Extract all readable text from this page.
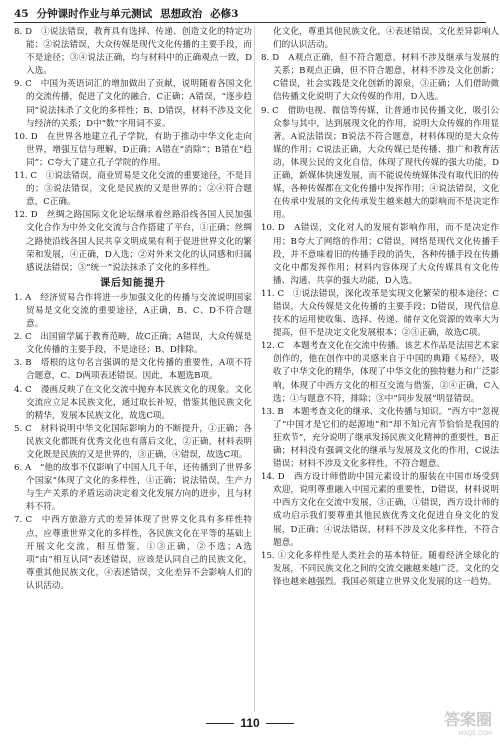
45 分钟课时作业与单元测试 思想政治 必修3

8. D　①说法错误，教育具有选择、传递、创造文化的特定功能；②说法错误，大众传媒是现代文化传播的主要手段，而不是途径；③④说法正确，均与材料中的正确观点一致，D入选。

9. C　中国为英语词汇的增加做出了贡献，说明随着各国文化的交流传播，促进了文化的融合，C正确；A错误，“逐步趋同”说法抹杀了文化的多样性；B、D错误，材料不涉及文化与经济的关系；D中“数”字用词不妥。

10. D　在世界各地建立孔子学院，有助于推动中华文化走向世界，增强互信与理解，D正确；A错在“消除”；B错在“趋同”；C夸大了建立孔子学院的作用。

11. C　①说法错误，商业贸易是文化交流的重要途径，不是目的；③说法错误，文化是民族的又是世界的；②④符合题意，C正确。

12. D　丝绸之路国际文化论坛继承着丝路沿线各国人民加强文化合作为中外文化交流与合作搭建了平台，①正确；丝绸之路使沿线各国人民共享文明成果有利于促进世界文化的繁荣和发展，④正确，D入选；②对外来文化的认同感和归属感说法错误；③“统一”说法抹杀了文化的多样性。

课后知能提升

1. A　经济贸易合作将进一步加强文化的传播与交流说明国家贸易是文化交流的重要途径，A正确，B、C、D不符合题意。

2. C　出国留学属于教育范畴，故C正确；A错误，大众传媒是文化传播的主要手段，不是途径；B、D排除。

3. B　塔根的这句名言强调的是文化传播的重要性，A项不符合题意，C、D两项表述错误。因此，本题选B项。

4. C　漫画反映了在文化交流中抛弃本民族文化的现象。文化交流应立足本民族文化，通过取长补短，借鉴其他民族文化的精华，发展本民族文化，故选C项。

5. C　材料说明中华文化国际影响力的不断提升，①正确；各民族文化都既有优秀文化也有落后文化，②正确，材料表明文化既是民族的又是世界的，③正确，④错误，故选C项。

6. A　“他的故事不仅影响了中国人几千年，还传播到了世界多个国家”体现了文化的多样性，①正确；说法错误，生产力与生产关系的矛盾运动决定着文化发展方向的进步，且与材料不符。

7. C　中西方旅游方式的差异体现了世界文化具有多样性特点，应尊重世界文化的多样性，各民族文化在平等的基础上开展文化交流，相互借鉴，①③正确，②不选；A选项“由”相互认同”表述错误，应该是认同自己的民族文化，尊重其他民族文化，④表述错误，文化差异不会影响人们的认识活动。

化文化，尊重其他民族文化，④表述错误，文化差异影响人们的认识活动。

8. D　A观点正确，但不符合题意，材料不涉及继承与发展的关系；B观点正确，但不符合题意，材料不涉及文化创新；C错误，社会实践是文化创新的源泉，③正确；人们借助微信传播文化说明了大众传媒的作用，D入选。

9. C　借助电视、微信等传媒，让普通市民传播文化，吸引公众参与其中，达到展现文化的作用，说明大众传媒的作用显著。A说法错误；B说法不符合题意，材料体现的是大众传媒的作用；C说法正确，大众传媒已是传播、推广和教育活动，体现公民的文化自信，体现了现代传媒的强大功能，D正确，新媒体快速发展，而不能说传统媒体没有取代旧的传媒，各种传媒都在文化传播中发挥作用；④说法错误，文化在传承中发展的文化传承发生越来越大的影响而不是决定作用。

10. D　A错误，文化对人的发展有影响作用，而不是决定作用；B夸大了网络的作用；C错误，网络是现代文化传播手段，并不意味着旧的传播手段的消失，各种传播手段在传播文化中都发挥作用；材料内容体现了大众传媒具有文化传播、沟通、共享的强大功能，D入选。

11. C　①说法错误，深化改革是实现文化繁荣的根本途径；C错误，大众传媒是文化传播的主要手段；D错误，现代信息技术的运用使收集、选择、传递、储存文化资源的效率大为提高，但不是决定文化发展根本；②③正确，故选C项。

12. C　本题考查文化在交流中传播。该艺术作品是法国艺术家创作的，他在创作中的灵感来自于中国的典籍《易经》，吸收了中华文化的精华，体现了中华文化的独特魅力和广泛影响，体现了中西方文化的相互交流与借鉴，②④正确，C入选；①与题意不符，排除；③中“同步发展”明显错误。

13. B　本题考查文化的继承、文化传播与知识。“西方中”忽视了“中国才是它们的起源地”和“却不知元宵节恰恰是我国的狂欢节”，充分说明了继承发扬民族文化精神的重要性，B正确；材料没有强调文化的继承与发展及文化的作用，C说法错误；材料不涉及文化多样性，不符合题意。

14. D　西方设计师借助中国元素设计的服装在中国市场受到欢迎，说明尊重融入中国元素的重要性，D错误，材料说明中西方文化在交流中发展，③正确，①错误，西方设计师的成功启示我们要尊重其他民族优秀文化促进自身文化的发展，D正确；④说法错误，材料不涉及文化多样性，不符合题意。

15. ①文化多样性是人类社会的基本特征。随着经济全球化的发展，不同民族文化之间的交流交融越来越广泛，文化的交锋也越来越强烈。我国必须建立世界文化发展的这一趋势。

110	答案圈
MXQE.COM
